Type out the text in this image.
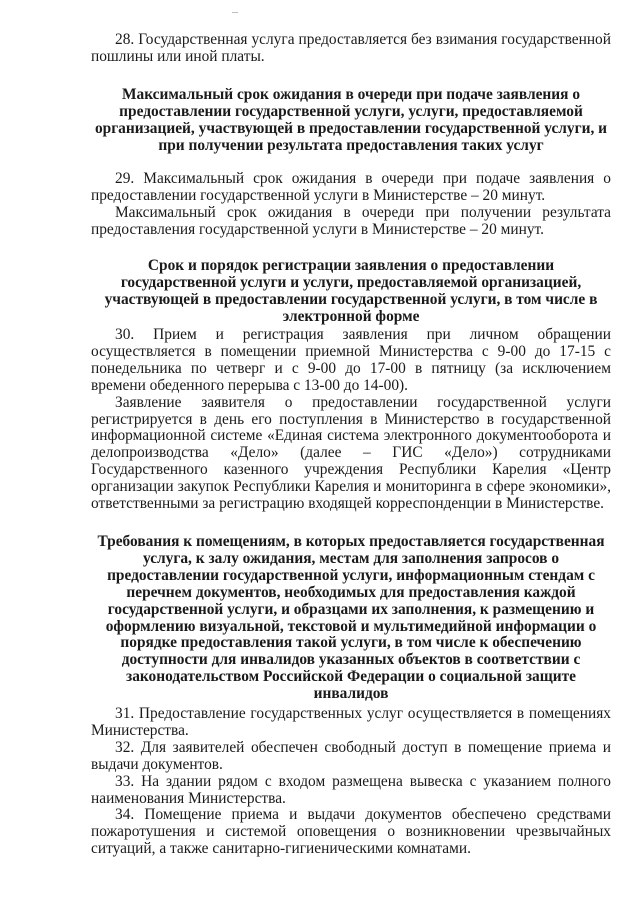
28. Государственная услуга предоставляется без взимания государственной пошлины или иной платы.

Максимальный срок ожидания в очереди при подаче заявления о предоставлении государственной услуги, услуги, предоставляемой организацией, участвующей в предоставлении государственной услуги, и при получении результата предоставления таких услуг

29. Максимальный срок ожидания в очереди при подаче заявления о предоставлении государственной услуги в Министерстве – 20 минут.

Максимальный срок ожидания в очереди при получении результата предоставления государственной услуги в Министерстве – 20 минут.

Срок и порядок регистрации заявления о предоставлении государственной услуги и услуги, предоставляемой организацией, участвующей в предоставлении государственной услуги, в том числе в электронной форме

30. Прием и регистрация заявления при личном обращении осуществляется в помещении приемной Министерства с 9-00 до 17-15 с понедельника по четверг и с 9-00 до 17-00 в пятницу (за исключением времени обеденного перерыва с 13-00 до 14-00).

Заявление заявителя о предоставлении государственной услуги регистрируется в день его поступления в Министерство в государственной информационной системе «Единая система электронного документооборота и делопроизводства «Дело» (далее – ГИС «Дело») сотрудниками Государственного казенного учреждения Республики Карелия «Центр организации закупок Республики Карелия и мониторинга в сфере экономики», ответственными за регистрацию входящей корреспонденции в Министерстве.

Требования к помещениям, в которых предоставляется государственная услуга, к залу ожидания, местам для заполнения запросов о предоставлении государственной услуги, информационным стендам с перечнем документов, необходимых для предоставления каждой государственной услуги, и образцами их заполнения, к размещению и оформлению визуальной, текстовой и мультимедийной информации о порядке предоставления такой услуги, в том числе к обеспечению доступности для инвалидов указанных объектов в соответствии с законодательством Российской Федерации о социальной защите инвалидов

31. Предоставление государственных услуг осуществляется в помещениях Министерства.

32. Для заявителей обеспечен свободный доступ в помещение приема и выдачи документов.

33. На здании рядом с входом размещена вывеска с указанием полного наименования Министерства.

34. Помещение приема и выдачи документов обеспечено средствами пожаротушения и системой оповещения о возникновении чрезвычайных ситуаций, а также санитарно-гигиеническими комнатами.
